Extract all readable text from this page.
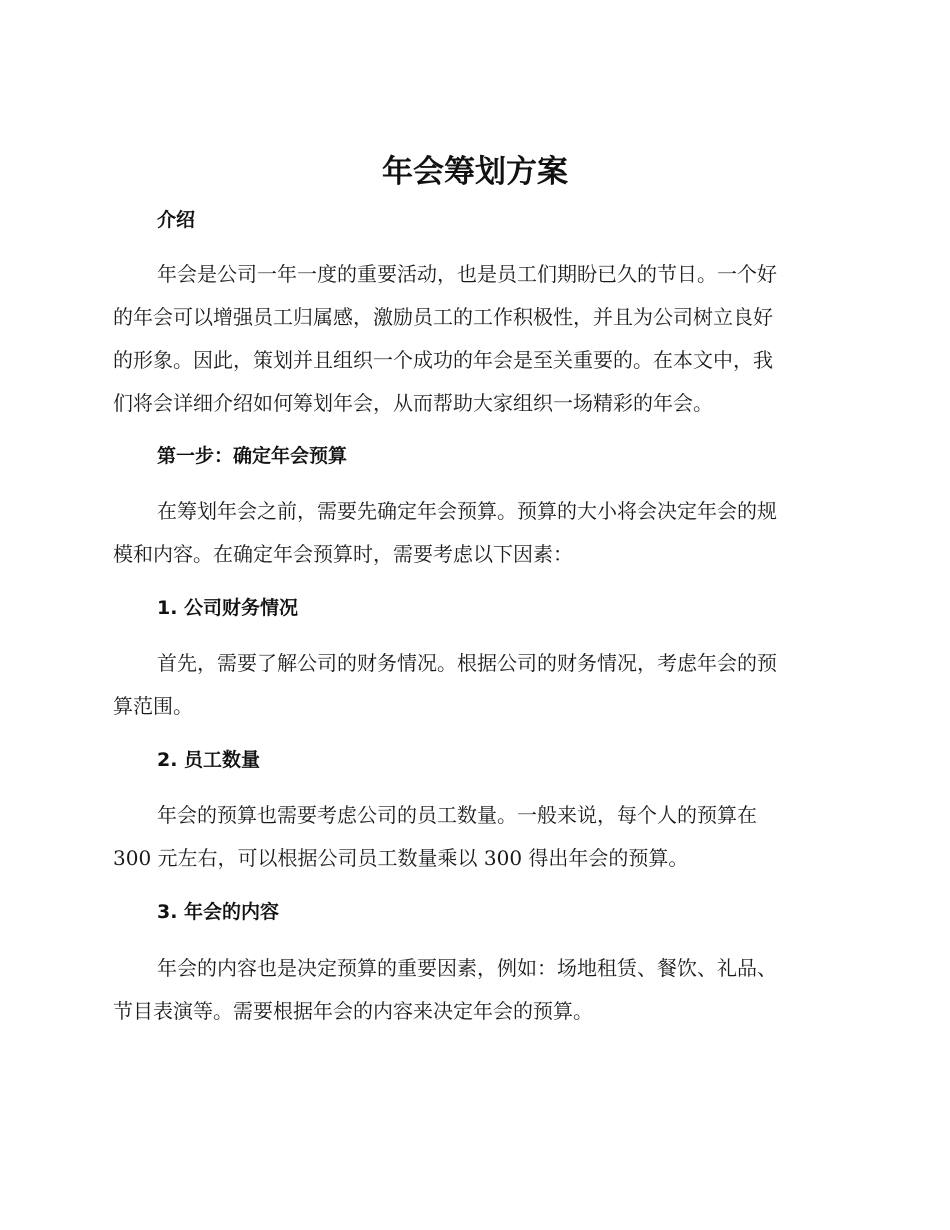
年会筹划方案
介绍
年会是公司一年一度的重要活动，也是员工们期盼已久的节日。一个好
的年会可以增强员工归属感，激励员工的工作积极性，并且为公司树立良好
的形象。因此，策划并且组织一个成功的年会是至关重要的。在本文中，我
们将会详细介绍如何筹划年会，从而帮助大家组织一场精彩的年会。
第一步：确定年会预算
在筹划年会之前，需要先确定年会预算。预算的大小将会决定年会的规
模和内容。在确定年会预算时，需要考虑以下因素：
1. 公司财务情况
首先，需要了解公司的财务情况。根据公司的财务情况，考虑年会的预
算范围。
2. 员工数量
年会的预算也需要考虑公司的员工数量。一般来说，每个人的预算在
300 元左右，可以根据公司员工数量乘以 300 得出年会的预算。
3. 年会的内容
年会的内容也是决定预算的重要因素，例如：场地租赁、餐饮、礼品、
节目表演等。需要根据年会的内容来决定年会的预算。
